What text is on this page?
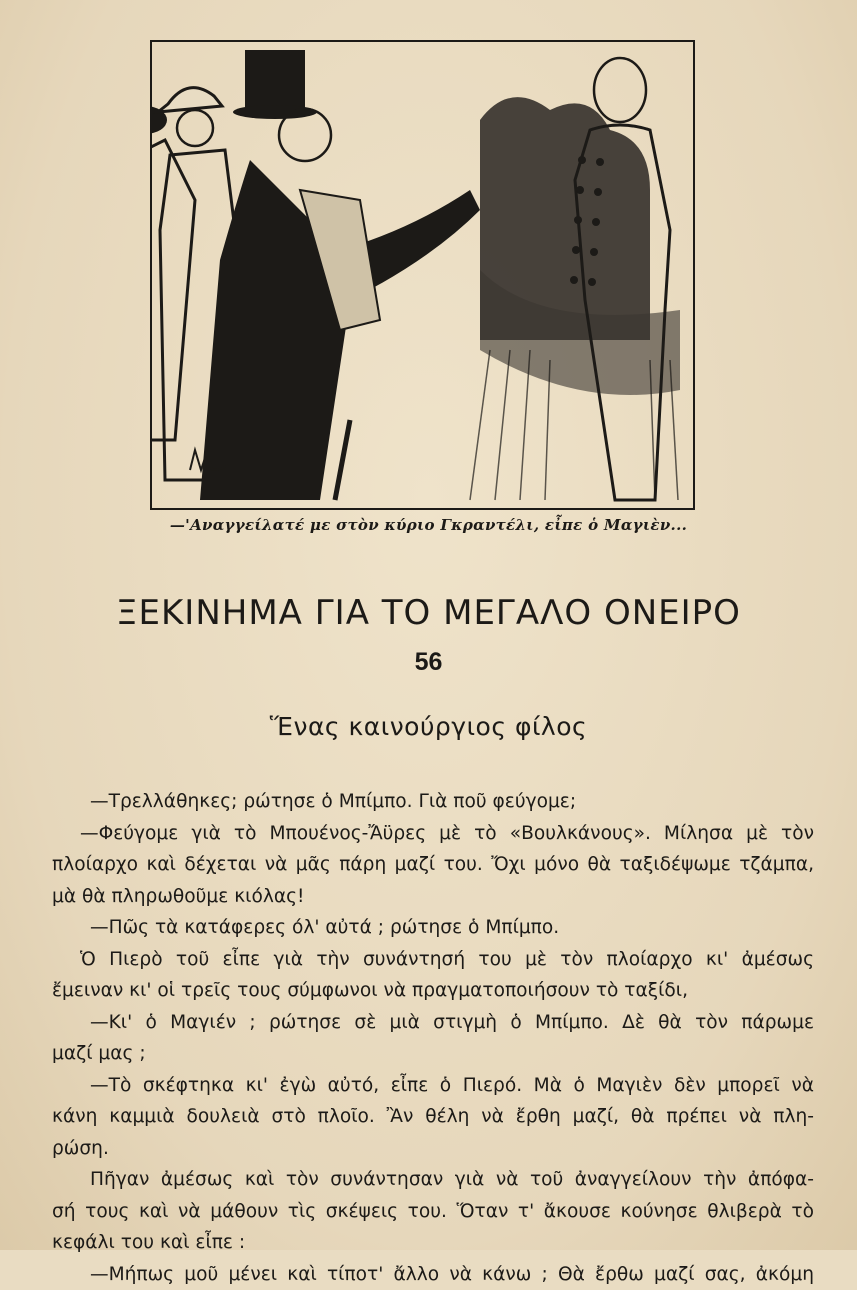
—'Αναγγείλατέ με στὸν κύριο Γκραντέλι, εἶπε ὁ Μαγιὲν...
ΞΕΚΙΝΗΜΑ ΓΙΑ ΤΟ ΜΕΓΑΛΟ ΟΝΕΙΡΟ
56
Ἕνας καινούργιος φίλος
—Τρελλάθηκες; ρώτησε ὁ Μπίμπο. Γιὰ ποῦ φεύγομε;
—Φεύγομε γιὰ τὸ Μπουένος-Ἄϋρες μὲ τὸ «Βουλκάνους». Μίλησα μὲ τὸν
πλοίαρχο καὶ δέχεται νὰ μᾶς πάρη μαζί του. Ὄχι μόνο θὰ ταξιδέψωμε τζάμπα,
μὰ θὰ πληρωθοῦμε κιόλας!
—Πῶς τὰ κατάφερες όλ' αὐτά ; ρώτησε ὁ Μπίμπο.
Ὁ Πιερὸ τοῦ εἶπε γιὰ τὴν συνάντησή του μὲ τὸν πλοίαρχο κι' ἀμέσως
ἔμειναν κι' οἱ τρεῖς τους σύμφωνοι νὰ πραγματοποιήσουν τὸ ταξίδι,
—Κι' ὁ Μαγιέν ; ρώτησε σὲ μιὰ στιγμὴ ὁ Μπίμπο. Δὲ θὰ τὸν πάρωμε
μαζί μας ;
—Τὸ σκέφτηκα κι' ἐγὼ αὐτό, εἶπε ὁ Πιερό. Μὰ ὁ Μαγιὲν δὲν μπορεῖ νὰ
κάνη καμμιὰ δουλειὰ στὸ πλοῖο. Ἂν θέλη νὰ ἔρθη μαζί, θὰ πρέπει νὰ πλη-
ρώση.
Πῆγαν ἀμέσως καὶ τὸν συνάντησαν γιὰ νὰ τοῦ ἀναγγείλουν τὴν ἀπόφα-
σή τους καὶ νὰ μάθουν τὶς σκέψεις του. Ὅταν τ' ἄκουσε κούνησε θλιβερὰ τὸ
κεφάλι του καὶ εἶπε :
—Μήπως μοῦ μένει καὶ τίποτ' ἄλλο νὰ κάνω ; Θὰ ἔρθω μαζί σας, ἀκόμη
